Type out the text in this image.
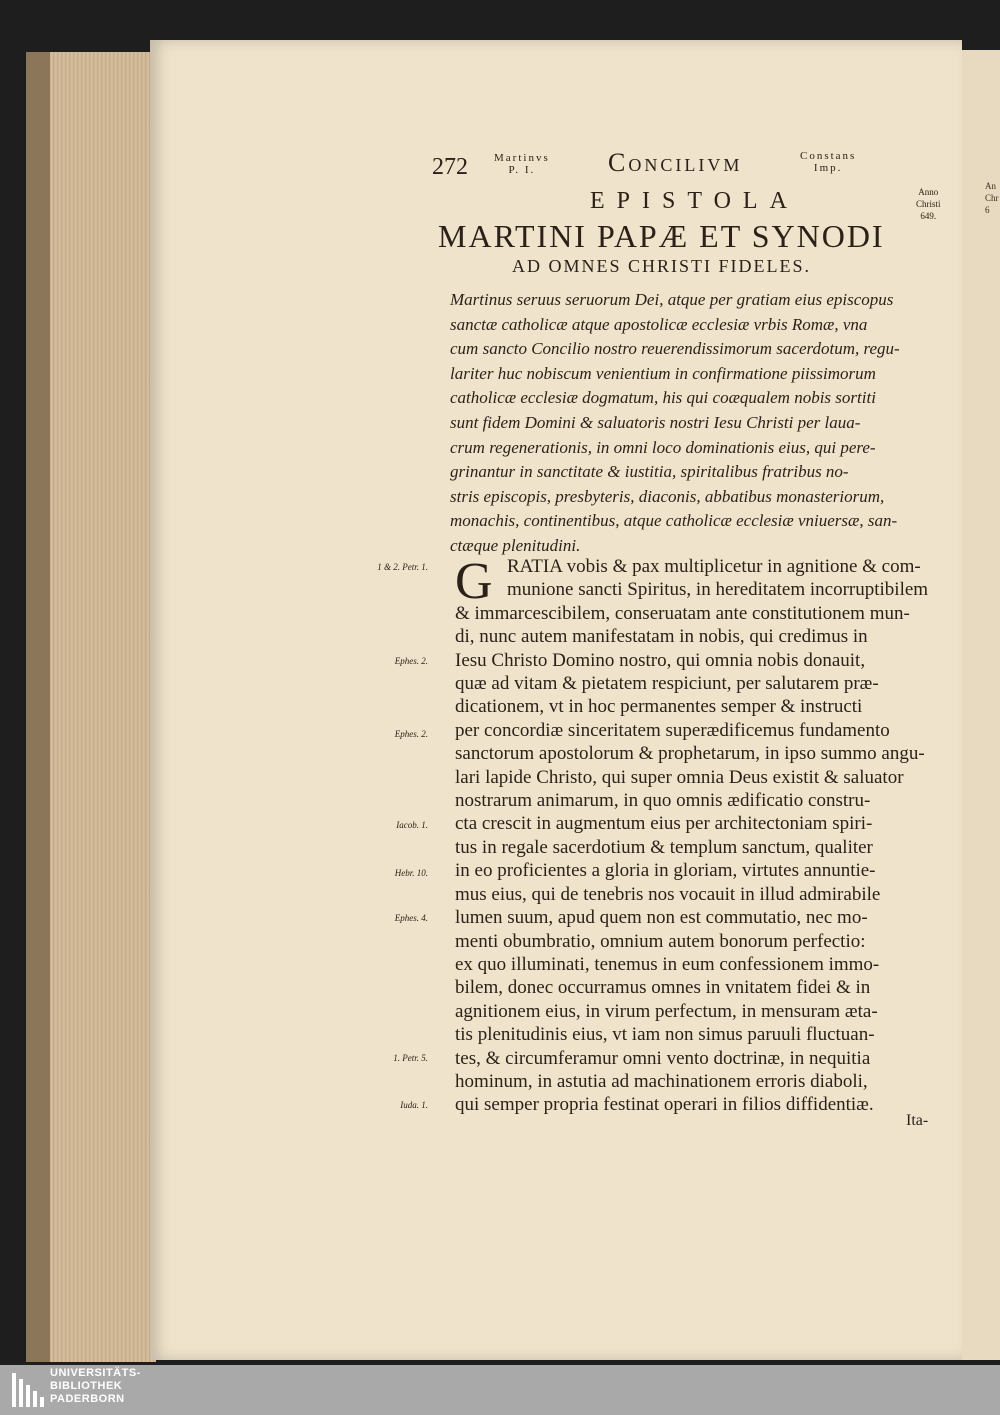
An
Chr
6
272 Martinvs
P. I.	Concilivm	Constans
Imp.
Anno
Christi
649.
EPISTOLA
MARTINI PAPÆ ET SYNODI
AD OMNES CHRISTI FIDELES.
Martinus seruus seruorum Dei, atque per gratiam eius episcopus
sanctæ catholicæ atque apostolicæ ecclesiæ vrbis Romæ, vna
cum sancto Concilio nostro reuerendissimorum sacerdotum, regu-
lariter huc nobiscum venientium in confirmatione piissimorum
catholicæ ecclesiæ dogmatum, his qui coæqualem nobis sortiti
sunt fidem Domini & saluatoris nostri Iesu Christi per laua-
crum regenerationis, in omni loco dominationis eius, qui pere-
grinantur in sanctitate & iustitia, spiritalibus fratribus no-
stris episcopis, presbyteris, diaconis, abbatibus monasteriorum,
monachis, continentibus, atque catholicæ ecclesiæ vniuersæ, san-
ctæque plenitudini.
G RATIA vobis & pax multiplicetur in agnitione & com-
munione sancti Spiritus, in hereditatem incorruptibilem
& immarcescibilem, conseruatam ante constitutionem mun-
di, nunc autem manifestatam in nobis, qui credimus in
Iesu Christo Domino nostro, qui omnia nobis donauit,
quæ ad vitam & pietatem respiciunt, per salutarem præ-
dicationem, vt in hoc permanentes semper & instructi
per concordiæ sinceritatem superædificemus fundamento
sanctorum apostolorum & prophetarum, in ipso summo angu-
lari lapide Christo, qui super omnia Deus existit & saluator
nostrarum animarum, in quo omnis ædificatio constru-
cta crescit in augmentum eius per architectoniam spiri-
tus in regale sacerdotium & templum sanctum, qualiter
in eo proficientes a gloria in gloriam, virtutes annuntie-
mus eius, qui de tenebris nos vocauit in illud admirabile
lumen suum, apud quem non est commutatio, nec mo-
menti obumbratio, omnium autem bonorum perfectio:
ex quo illuminati, tenemus in eum confessionem immo-
bilem, donec occurramus omnes in vnitatem fidei & in
agnitionem eius, in virum perfectum, in mensuram æta-
tis plenitudinis eius, vt iam non simus paruuli fluctuan-
tes, & circumferamur omni vento doctrinæ, in nequitia
hominum, in astutia ad machinationem erroris diaboli,
qui semper propria festinat operari in filios diffidentiæ.
Ita-
1 & 2. Petr. 1.
Ephes. 2.
Ephes. 2.
Iacob. 1.
Hebr. 10.
Ephes. 4.
1. Petr. 5.
Iuda. 1.
UNIVERSITÄTS-
BIBLIOTHEK
PADERBORN
